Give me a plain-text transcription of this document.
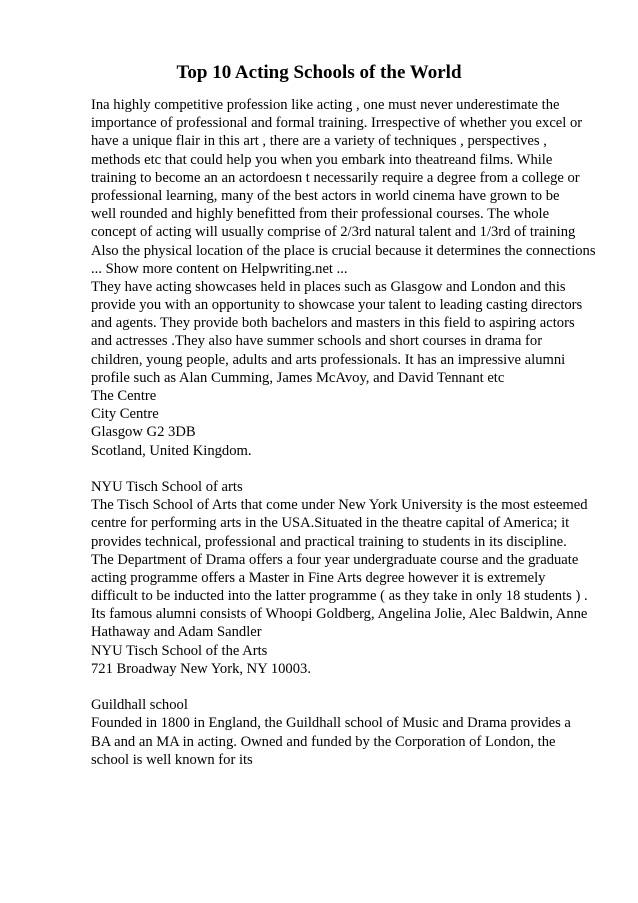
Top 10 Acting Schools of the World
Ina highly competitive profession like acting , one must never underestimate the
importance of professional and formal training. Irrespective of whether you excel or
have a unique flair in this art , there are a variety of techniques , perspectives ,
methods etc that could help you when you embark into theatreand films. While
training to become an an actordoesn t necessarily require a degree from a college or
professional learning, many of the best actors in world cinema have grown to be
well rounded and highly benefitted from their professional courses. The whole
concept of acting will usually comprise of 2/3rd natural talent and 1/3rd of training
Also the physical location of the place is crucial because it determines the connections
... Show more content on Helpwriting.net ...
They have acting showcases held in places such as Glasgow and London and this
provide you with an opportunity to showcase your talent to leading casting directors
and agents. They provide both bachelors and masters in this field to aspiring actors
and actresses .They also have summer schools and short courses in drama for
children, young people, adults and arts professionals. It has an impressive alumni
profile such as Alan Cumming, James McAvoy, and David Tennant etc
The Centre
City Centre
Glasgow G2 3DB
Scotland, United Kingdom.
NYU Tisch School of arts
The Tisch School of Arts that come under New York University is the most esteemed
centre for performing arts in the USA.Situated in the theatre capital of America; it
provides technical, professional and practical training to students in its discipline.
The Department of Drama offers a four year undergraduate course and the graduate
acting programme offers a Master in Fine Arts degree however it is extremely
difficult to be inducted into the latter programme ( as they take in only 18 students ) .
Its famous alumni consists of Whoopi Goldberg, Angelina Jolie, Alec Baldwin, Anne
Hathaway and Adam Sandler
NYU Tisch School of the Arts
721 Broadway New York, NY 10003.
Guildhall school
Founded in 1800 in England, the Guildhall school of Music and Drama provides a
BA and an MA in acting. Owned and funded by the Corporation of London, the
school is well known for its
